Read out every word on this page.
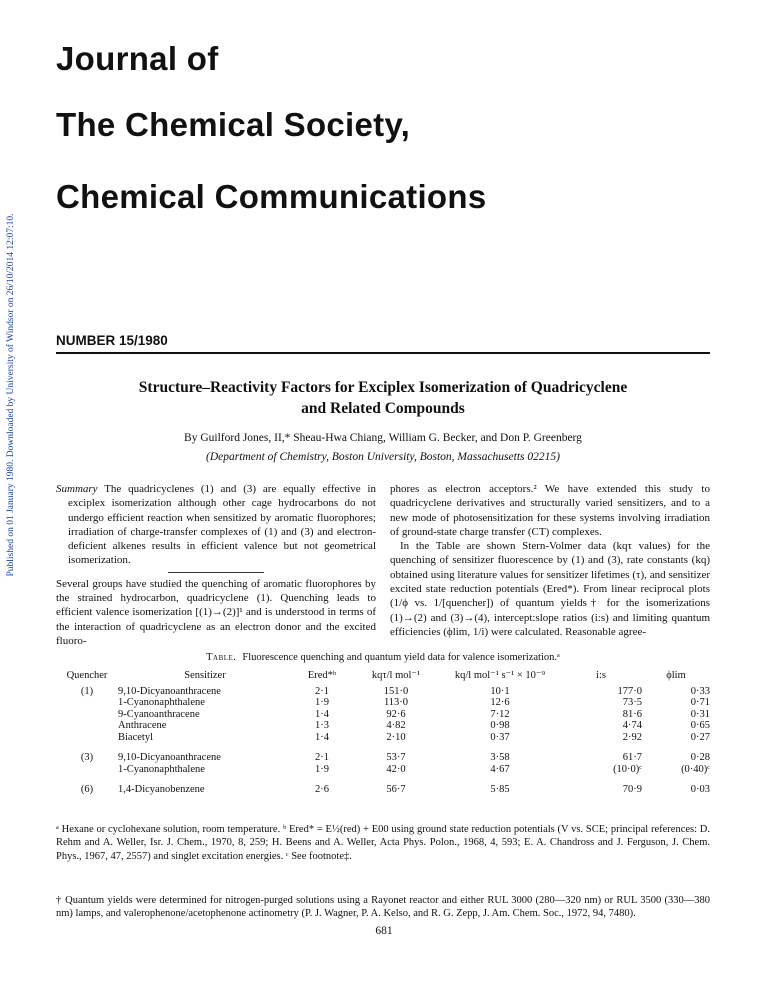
Published on 01 January 1980. Downloaded by University of Windsor on 26/10/2014 12:07:10.
Journal of
The Chemical Society,
Chemical Communications

NUMBER 15/1980

Structure–Reactivity Factors for Exciplex Isomerization of Quadricyclene
and Related Compounds

By Guilford Jones, II,* Sheau-Hwa Chiang, William G. Becker, and Don P. Greenberg

(Department of Chemistry, Boston University, Boston, Massachusetts 02215)

Summary The quadricyclenes (1) and (3) are equally effective in exciplex isomerization although other cage hydrocarbons do not undergo efficient reaction when sensitized by aromatic fluorophores; irradiation of charge-transfer complexes of (1) and (3) and electron-deficient alkenes results in efficient valence but not geometrical isomerization.

Several groups have studied the quenching of aromatic fluorophores by the strained hydrocarbon, quadricyclene (1). Quenching leads to efficient valence isomerization [(1)→(2)]¹ and is understood in terms of the interaction of quadricyclene as an electron donor and the excited fluoro-

phores as electron acceptors.² We have extended this study to quadricyclene derivatives and structurally varied sensitizers, and to a new mode of photosensitization for these systems involving irradiation of ground-state charge transfer (CT) complexes.

In the Table are shown Stern-Volmer data (kqτ values) for the quenching of sensitizer fluorescence by (1) and (3), rate constants (kq) obtained using literature values for sensitizer lifetimes (τ), and sensitizer excited state reduction potentials (Ered*). From linear reciprocal plots (1/ϕ vs. 1/[quencher]) of quantum yields† for the isomerizations (1)→(2) and (3)→(4), intercept:slope ratios (i:s) and limiting quantum efficiencies (ϕlim, 1/i) were calculated. Reasonable agree-

Table. Fluorescence quenching and quantum yield data for valence isomerization.ᵃ
Quencher	Sensitizer	Ered*ᵇ	kqτ/l mol⁻¹	kq/l mol⁻¹ s⁻¹ × 10⁻⁹	i:s	ϕlim
(1)	9,10-Dicyanoanthracene	2·1	151·0	10·1	177·0	0·33
	1-Cyanonaphthalene	1·9	113·0	12·6	73·5	0·71
	9-Cyanoanthracene	1·4	92·6	7·12	81·6	0·31
	Anthracene	1·3	4·82	0·98	4·74	0·65
	Biacetyl	1·4	2·10	0·37	2·92	0·27

(3)	9,10-Dicyanoanthracene	2·1	53·7	3·58	61·7	0·28
	1-Cyanonaphthalene	1·9	42·0	4·67	(10·0)ᶜ	(0·40)ᶜ

(6)	1,4-Dicyanobenzene	2·6	56·7	5·85	70·9	0·03

ᵃ Hexane or cyclohexane solution, room temperature. ᵇ Ered* = E½(red) + E00 using ground state reduction potentials (V vs. SCE; principal references: D. Rehm and A. Weller, Isr. J. Chem., 1970, 8, 259; H. Beens and A. Weller, Acta Phys. Polon., 1968, 4, 593; E. A. Chandross and J. Ferguson, J. Chem. Phys., 1967, 47, 2557) and singlet excitation energies. ᶜ See footnote‡.

† Quantum yields were determined for nitrogen-purged solutions using a Rayonet reactor and either RUL 3000 (280—320 nm) or RUL 3500 (330—380 nm) lamps, and valerophenone/acetophenone actinometry (P. J. Wagner, P. A. Kelso, and R. G. Zepp, J. Am. Chem. Soc., 1972, 94, 7480).

681
